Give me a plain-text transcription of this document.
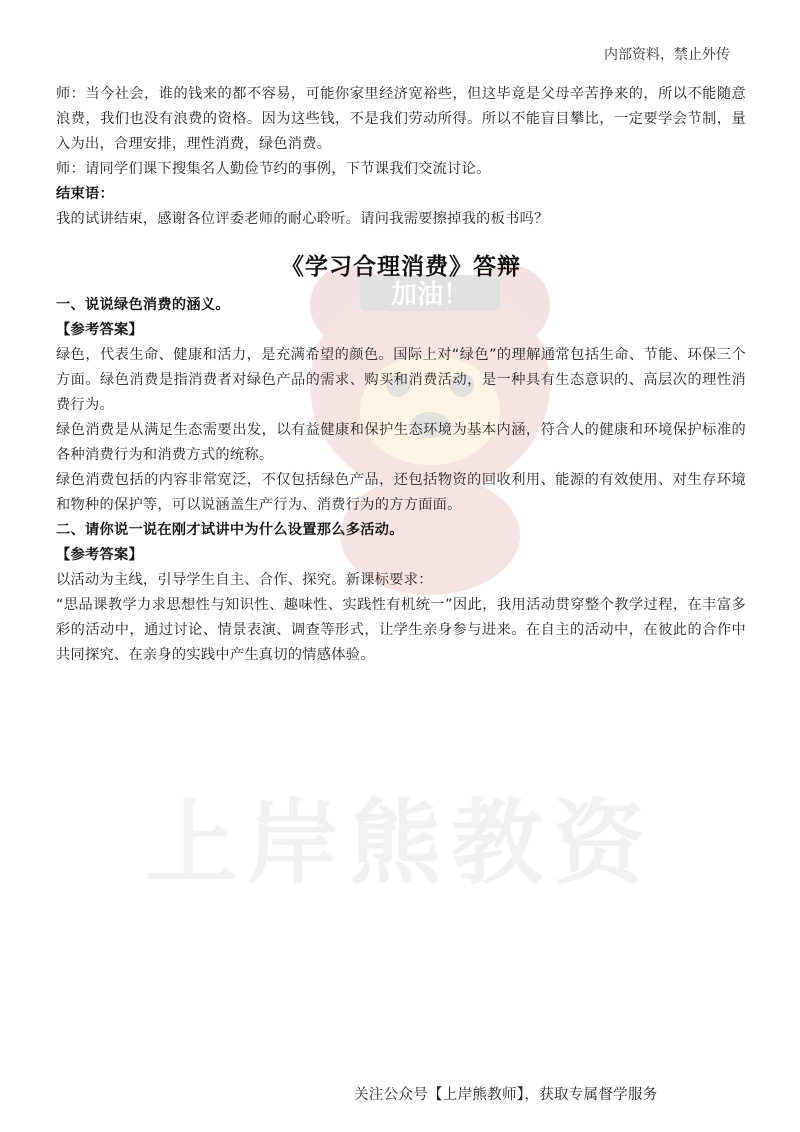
加油！
上岸熊教资
内部资料，禁止外传

师：当今社会，谁的钱来的都不容易，可能你家里经济宽裕些，但这毕竟是父母辛苦挣来的，所以不能随意浪费，我们也没有浪费的资格。因为这些钱，不是我们劳动所得。所以不能盲目攀比，一定要学会节制，量入为出，合理安排，理性消费，绿色消费。

师：请同学们课下搜集名人勤俭节约的事例，下节课我们交流讨论。

结束语：

我的试讲结束，感谢各位评委老师的耐心聆听。请问我需要擦掉我的板书吗？

《学习合理消费》答辩

一、说说绿色消费的涵义。

【参考答案】

绿色，代表生命、健康和活力，是充满希望的颜色。国际上对“绿色”的理解通常包括生命、节能、环保三个方面。绿色消费是指消费者对绿色产品的需求、购买和消费活动，是一种具有生态意识的、高层次的理性消费行为。

绿色消费是从满足生态需要出发，以有益健康和保护生态环境为基本内涵，符合人的健康和环境保护标准的各种消费行为和消费方式的统称。

绿色消费包括的内容非常宽泛，不仅包括绿色产品，还包括物资的回收利用、能源的有效使用、对生存环境和物种的保护等，可以说涵盖生产行为、消费行为的方方面面。

二、请你说一说在刚才试讲中为什么设置那么多活动。

【参考答案】

以活动为主线，引导学生自主、合作、探究。新课标要求：

“思品课教学力求思想性与知识性、趣味性、实践性有机统一”因此，我用活动贯穿整个教学过程，在丰富多彩的活动中，通过讨论、情景表演、调查等形式，让学生亲身参与进来。在自主的活动中，在彼此的合作中共同探究、在亲身的实践中产生真切的情感体验。

关注公众号【上岸熊教师】，获取专属督学服务
